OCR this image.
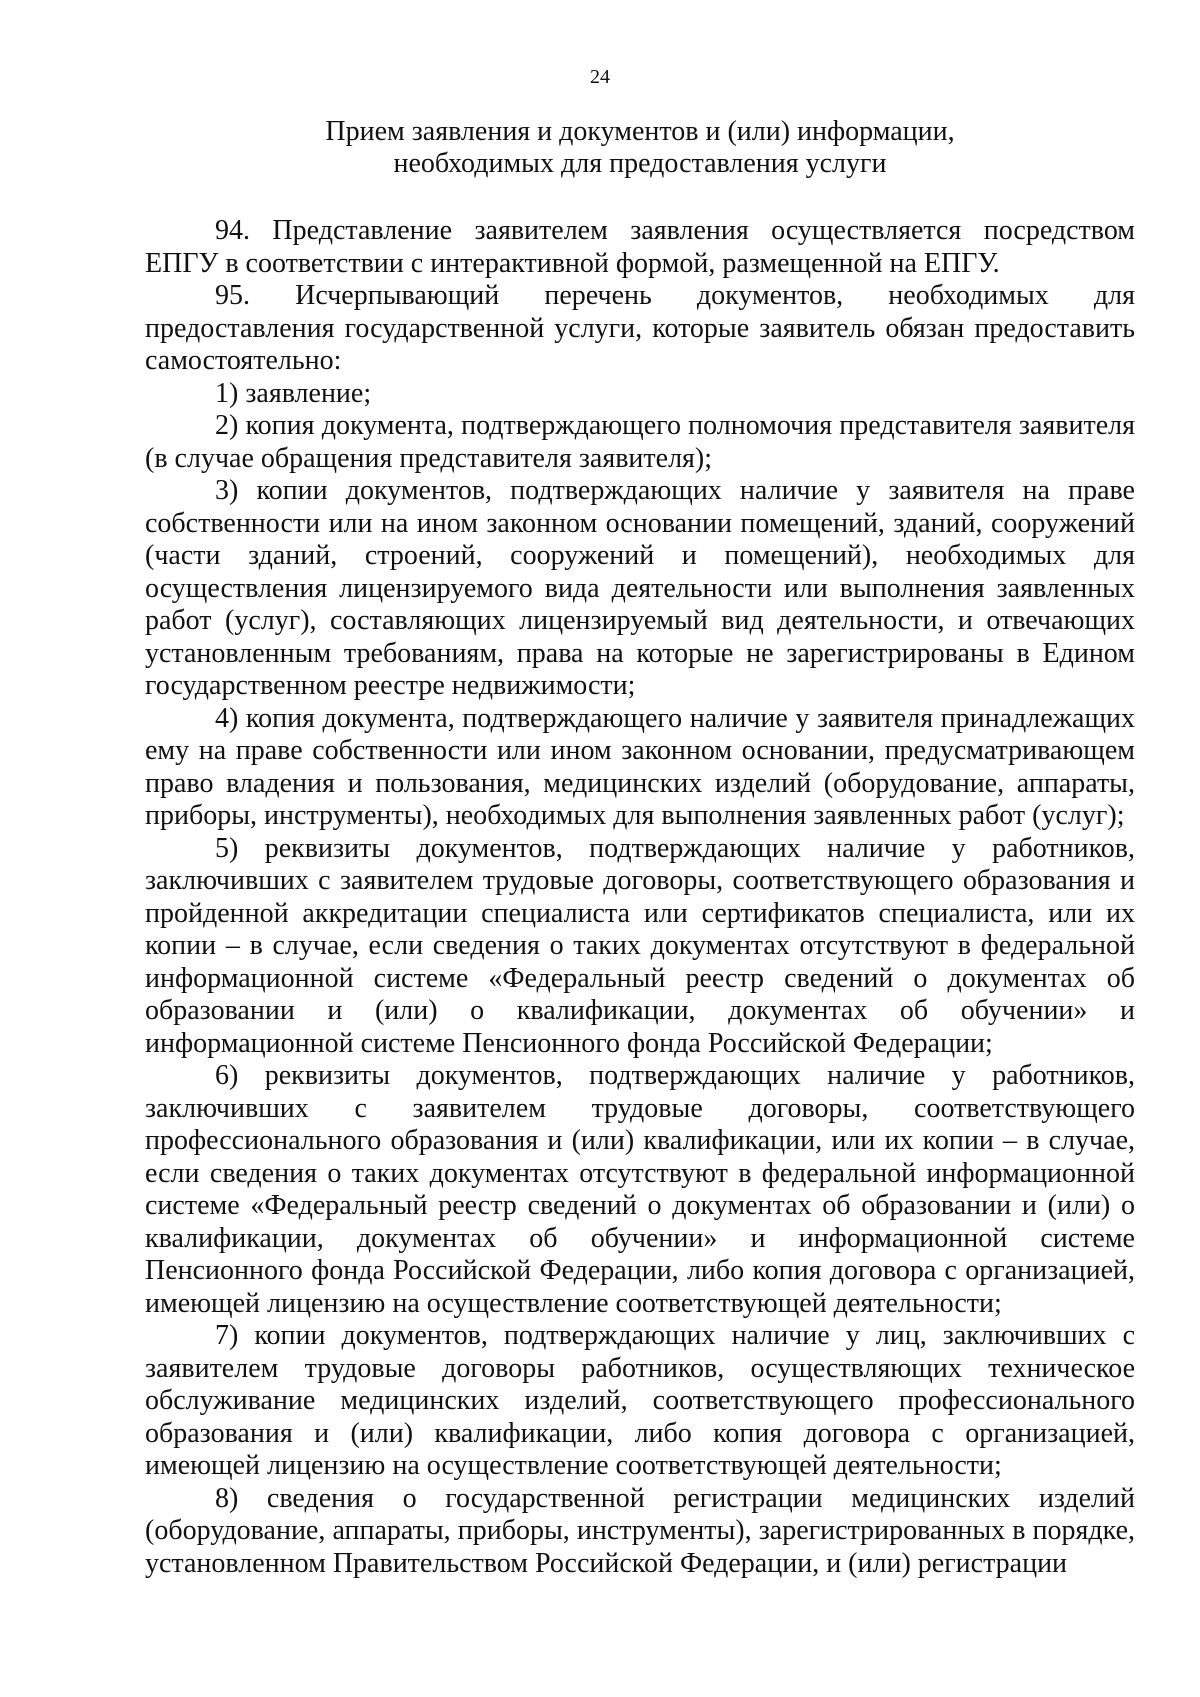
24
Прием заявления и документов и (или) информации,
необходимых для предоставления услуги

94. Представление заявителем заявления осуществляется посредством ЕПГУ в соответствии с интерактивной формой, размещенной на ЕПГУ.

95. Исчерпывающий перечень документов, необходимых для предоставления государственной услуги, которые заявитель обязан предоставить самостоятельно:

1) заявление;

2) копия документа, подтверждающего полномочия представителя заявителя (в случае обращения представителя заявителя);

3) копии документов, подтверждающих наличие у заявителя на праве собственности или на ином законном основании помещений, зданий, сооружений (части зданий, строений, сооружений и помещений), необходимых для осуществления лицензируемого вида деятельности или выполнения заявленных работ (услуг), составляющих лицензируемый вид деятельности, и отвечающих установленным требованиям, права на которые не зарегистрированы в Едином государственном реестре недвижимости;

4) копия документа, подтверждающего наличие у заявителя принадлежащих ему на праве собственности или ином законном основании, предусматривающем право владения и пользования, медицинских изделий (оборудование, аппараты, приборы, инструменты), необходимых для выполнения заявленных работ (услуг);

5) реквизиты документов, подтверждающих наличие у работников, заключивших с заявителем трудовые договоры, соответствующего образования и пройденной аккредитации специалиста или сертификатов специалиста, или их копии – в случае, если сведения о таких документах отсутствуют в федеральной информационной системе «Федеральный реестр сведений о документах об образовании и (или) о квалификации, документах об обучении» и информационной системе Пенсионного фонда Российской Федерации;

6) реквизиты документов, подтверждающих наличие у работников, заключивших с заявителем трудовые договоры, соответствующего профессионального образования и (или) квалификации, или их копии – в случае, если сведения о таких документах отсутствуют в федеральной информационной системе «Федеральный реестр сведений о документах об образовании и (или) о квалификации, документах об обучении» и информационной системе Пенсионного фонда Российской Федерации, либо копия договора с организацией, имеющей лицензию на осуществление соответствующей деятельности;

7) копии документов, подтверждающих наличие у лиц, заключивших с заявителем трудовые договоры работников, осуществляющих техническое обслуживание медицинских изделий, соответствующего профессионального образования и (или) квалификации, либо копия договора с организацией, имеющей лицензию на осуществление соответствующей деятельности;

8) сведения о государственной регистрации медицинских изделий (оборудование, аппараты, приборы, инструменты), зарегистрированных в порядке, установленном Правительством Российской Федерации, и (или) регистрации
